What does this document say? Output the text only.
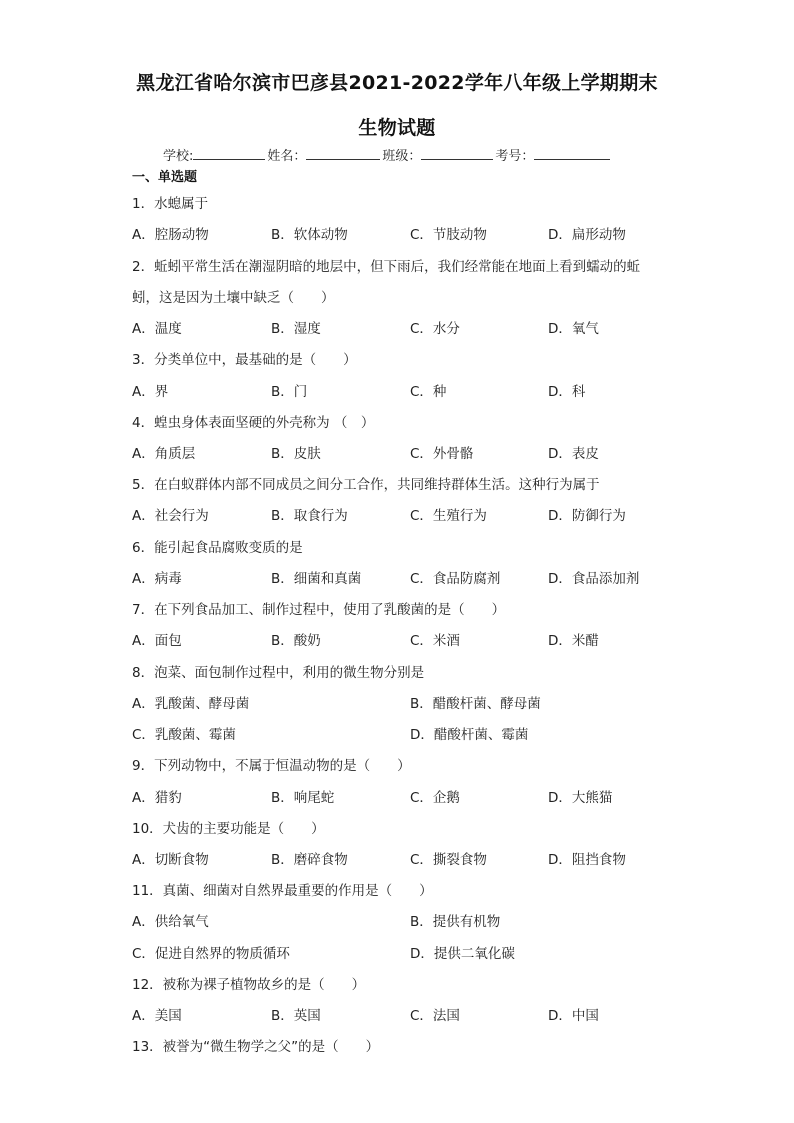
黑龙江省哈尔滨市巴彦县2021-2022学年八年级上学期期末
生物试题
学校:	姓名：	班级：	考号：
一、单选题
1．水螅属于
A．腔肠动物	B．软体动物	C．节肢动物	D．扁形动物
2．蚯蚓平常生活在潮湿阴暗的地层中，但下雨后，我们经常能在地面上看到蠕动的蚯
蚓，这是因为土壤中缺乏（　　）
A．温度	B．湿度	C．水分	D．氧气
3．分类单位中，最基础的是（　　）
A．界	B．门	C．种	D．科
4．蝗虫身体表面坚硬的外壳称为 （　）
A．角质层	B．皮肤	C．外骨骼	D．表皮
5．在白蚁群体内部不同成员之间分工合作，共同维持群体生活。这种行为属于
A．社会行为	B．取食行为	C．生殖行为	D．防御行为
6．能引起食品腐败变质的是
A．病毒	B．细菌和真菌	C．食品防腐剂	D．食品添加剂
7．在下列食品加工、制作过程中，使用了乳酸菌的是（　　）
A．面包	B．酸奶	C．米酒	D．米醋
8．泡菜、面包制作过程中，利用的微生物分别是
A．乳酸菌、酵母菌	B．醋酸杆菌、酵母菌
C．乳酸菌、霉菌	D．醋酸杆菌、霉菌
9．下列动物中，不属于恒温动物的是（　　）
A．猎豹	B．响尾蛇	C．企鹅	D．大熊猫
10．犬齿的主要功能是（　　）
A．切断食物	B．磨碎食物	C．撕裂食物	D．阻挡食物
11．真菌、细菌对自然界最重要的作用是（　　）
A．供给氧气	B．提供有机物
C．促进自然界的物质循环	D．提供二氧化碳
12．被称为裸子植物故乡的是（　　）
A．美国	B．英国	C．法国	D．中国
13．被誉为“微生物学之父”的是（　　）
